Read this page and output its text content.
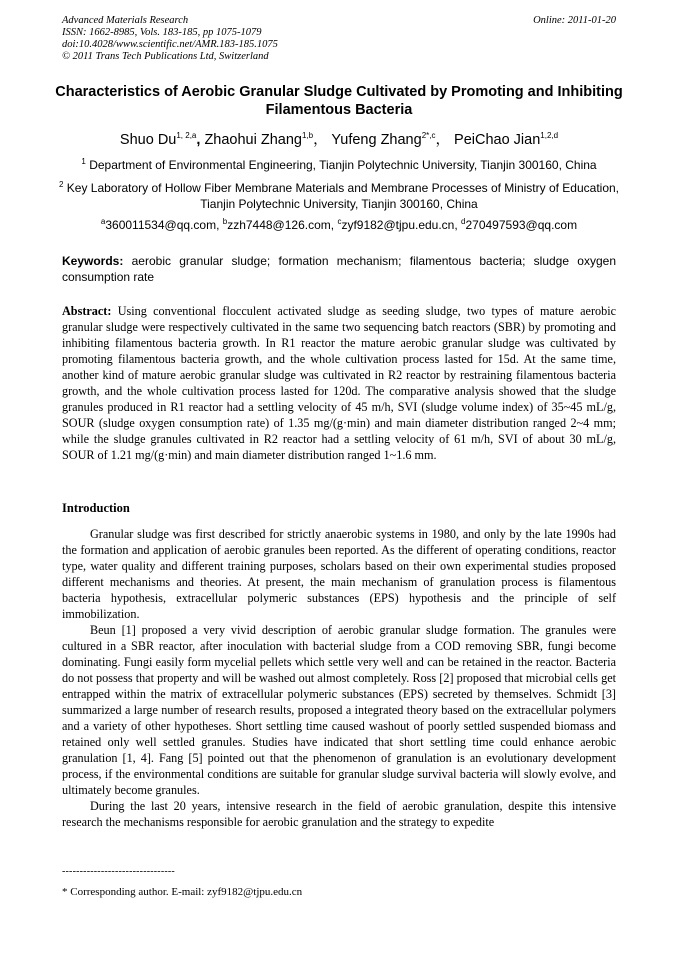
Advanced Materials Research
ISSN: 1662-8985, Vols. 183-185, pp 1075-1079
doi:10.4028/www.scientific.net/AMR.183-185.1075
© 2011 Trans Tech Publications Ltd, Switzerland
Online: 2011-01-20
Characteristics of Aerobic Granular Sludge Cultivated by Promoting and Inhibiting Filamentous Bacteria
Shuo Du$^{1, 2,a}$, Zhaohui Zhang$^{1,b}$， Yufeng Zhang$^{2*,c}$， PeiChao Jian$^{1,2,d}$
$^1$ Department of Environmental Engineering, Tianjin Polytechnic University, Tianjin 300160, China
$^2$ Key Laboratory of Hollow Fiber Membrane Materials and Membrane Processes of Ministry of Education, Tianjin Polytechnic University, Tianjin 300160, China
$^a$360011534@qq.com, $^b$zzh7448@126.com, $^c$zyf9182@tjpu.edu.cn, $^d$270497593@qq.com
Keywords: aerobic granular sludge; formation mechanism; filamentous bacteria; sludge oxygen consumption rate

Abstract: Using conventional flocculent activated sludge as seeding sludge, two types of mature aerobic granular sludge were respectively cultivated in the same two sequencing batch reactors (SBR) by promoting and inhibiting filamentous bacteria growth. In R1 reactor the mature aerobic granular sludge was cultivated by promoting filamentous bacteria growth, and the whole cultivation process lasted for 15d. At the same time, another kind of mature aerobic granular sludge was cultivated in R2 reactor by restraining filamentous bacteria growth, and the whole cultivation process lasted for 120d. The comparative analysis showed that the sludge granules produced in R1 reactor had a settling velocity of 45 m/h, SVI (sludge volume index) of 35~45 mL/g, SOUR (sludge oxygen consumption rate) of 1.35 mg/(g·min) and main diameter distribution ranged 2~4 mm; while the sludge granules cultivated in R2 reactor had a settling velocity of 61 m/h, SVI of about 30 mL/g, SOUR of 1.21 mg/(g·min) and main diameter distribution ranged 1~1.6 mm.

Introduction

Granular sludge was first described for strictly anaerobic systems in 1980, and only by the late 1990s had the formation and application of aerobic granules been reported. As the different of operating conditions, reactor type, water quality and different training purposes, scholars based on their own experimental studies proposed different mechanisms and theories. At present, the main mechanism of granulation process is filamentous bacteria hypothesis, extracellular polymeric substances (EPS) hypothesis and the principle of self immobilization.

Beun [1] proposed a very vivid description of aerobic granular sludge formation. The granules were cultured in a SBR reactor, after inoculation with bacterial sludge from a COD removing SBR, fungi become dominating. Fungi easily form mycelial pellets which settle very well and can be retained in the reactor. Bacteria do not possess that property and will be washed out almost completely. Ross [2] proposed that microbial cells get entrapped within the matrix of extracellular polymeric substances (EPS) secreted by themselves. Schmidt [3] summarized a large number of research results, proposed a integrated theory based on the extracellular polymers and a variety of other hypotheses. Short settling time caused washout of poorly settled suspended biomass and retained only well settled granules. Studies have indicated that short settling time could enhance aerobic granulation [1, 4]. Fang [5] pointed out that the phenomenon of granulation is an evolutionary development process, if the environmental conditions are suitable for granular sludge survival bacteria will slowly evolve, and ultimately become granules.

During the last 20 years, intensive research in the field of aerobic granulation, despite this intensive research the mechanisms responsible for aerobic granulation and the strategy to expedite

--------------------------------
* Corresponding author. E-mail: zyf9182@tjpu.edu.cn
